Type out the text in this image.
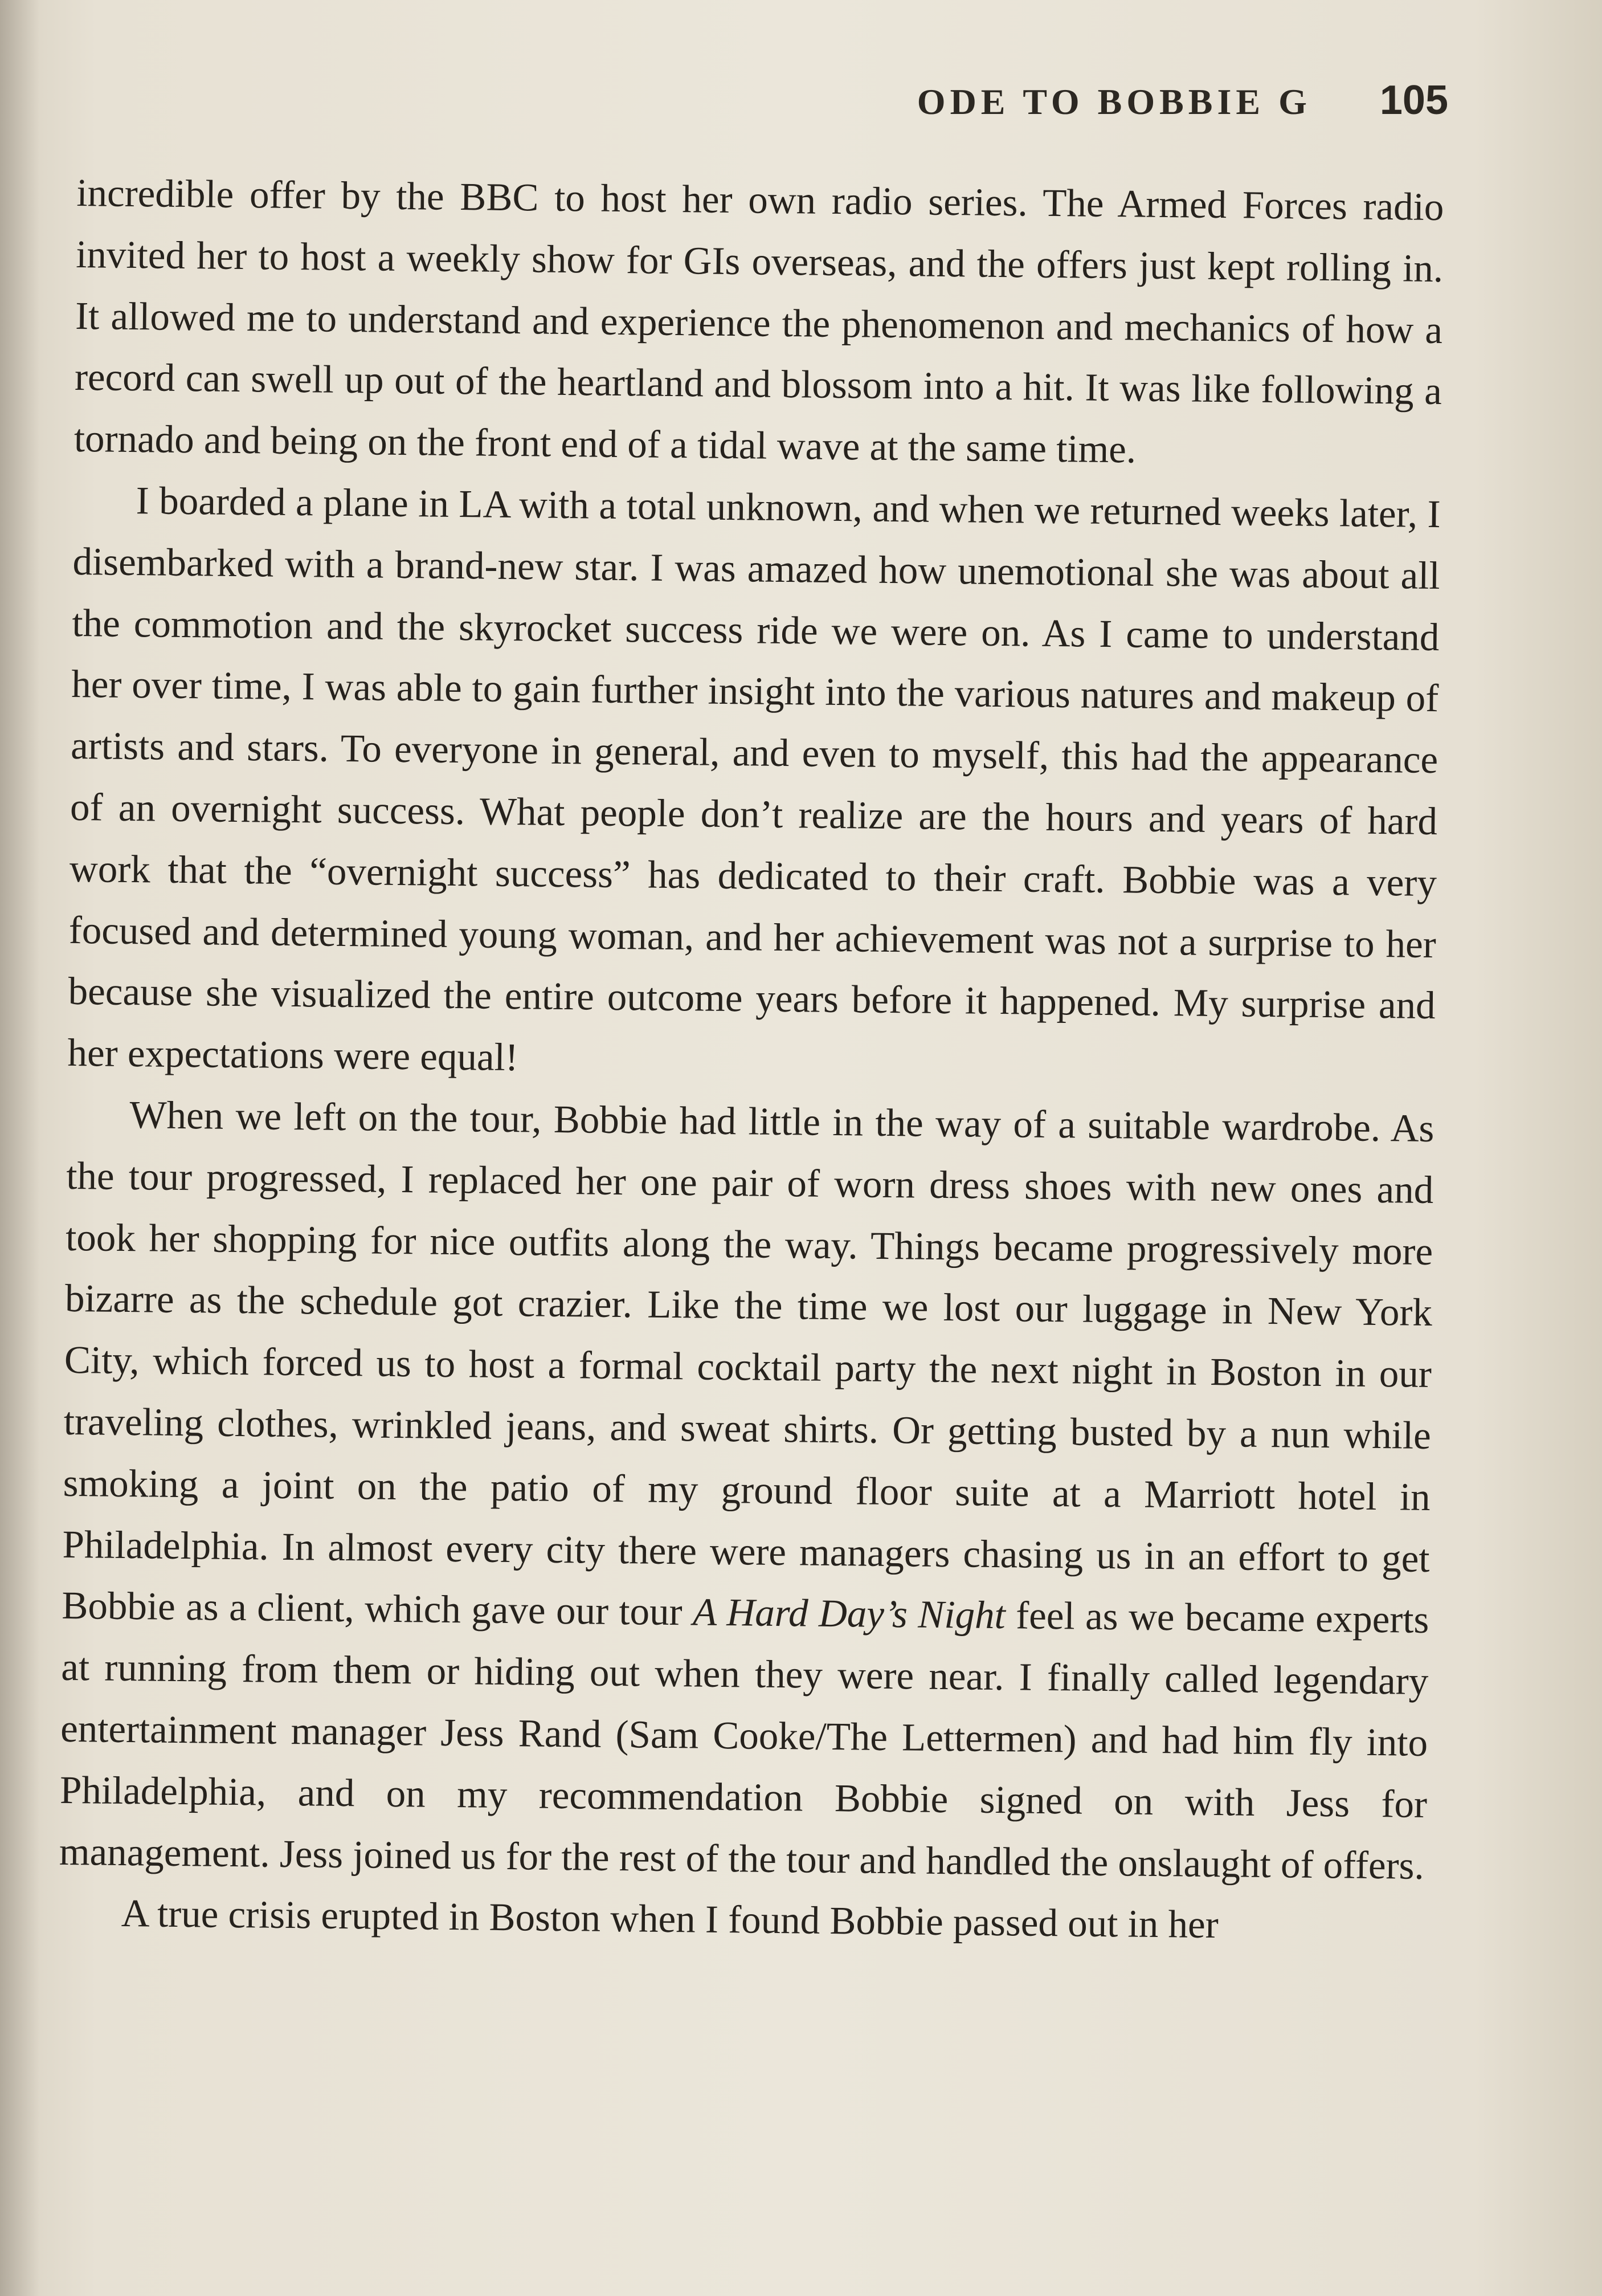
ODE TO BOBBIE G 105

incredible offer by the BBC to host her own radio series. The Armed Forces radio invited her to host a weekly show for GIs overseas, and the offers just kept rolling in. It allowed me to understand and experience the phenomenon and mechanics of how a record can swell up out of the heartland and blossom into a hit. It was like following a tornado and being on the front end of a tidal wave at the same time.

I boarded a plane in LA with a total unknown, and when we returned weeks later, I disembarked with a brand-new star. I was amazed how unemotional she was about all the commotion and the skyrocket success ride we were on. As I came to understand her over time, I was able to gain further insight into the various natures and makeup of artists and stars. To everyone in general, and even to myself, this had the appearance of an overnight success. What people don’t realize are the hours and years of hard work that the “overnight success” has dedicated to their craft. Bobbie was a very focused and determined young woman, and her achievement was not a surprise to her because she visualized the entire outcome years before it happened. My surprise and her expectations were equal!

When we left on the tour, Bobbie had little in the way of a suitable wardrobe. As the tour progressed, I replaced her one pair of worn dress shoes with new ones and took her shopping for nice outfits along the way. Things became progressively more bizarre as the schedule got crazier. Like the time we lost our luggage in New York City, which forced us to host a formal cocktail party the next night in Boston in our traveling clothes, wrinkled jeans, and sweat shirts. Or getting busted by a nun while smoking a joint on the patio of my ground floor suite at a Marriott hotel in Philadelphia. In almost every city there were managers chasing us in an effort to get Bobbie as a client, which gave our tour A Hard Day’s Night feel as we became experts at running from them or hiding out when they were near. I finally called legendary entertainment manager Jess Rand (Sam Cooke/The Lettermen) and had him fly into Philadelphia, and on my recommendation Bobbie signed on with Jess for management. Jess joined us for the rest of the tour and handled the onslaught of offers.

A true crisis erupted in Boston when I found Bobbie passed out in her
